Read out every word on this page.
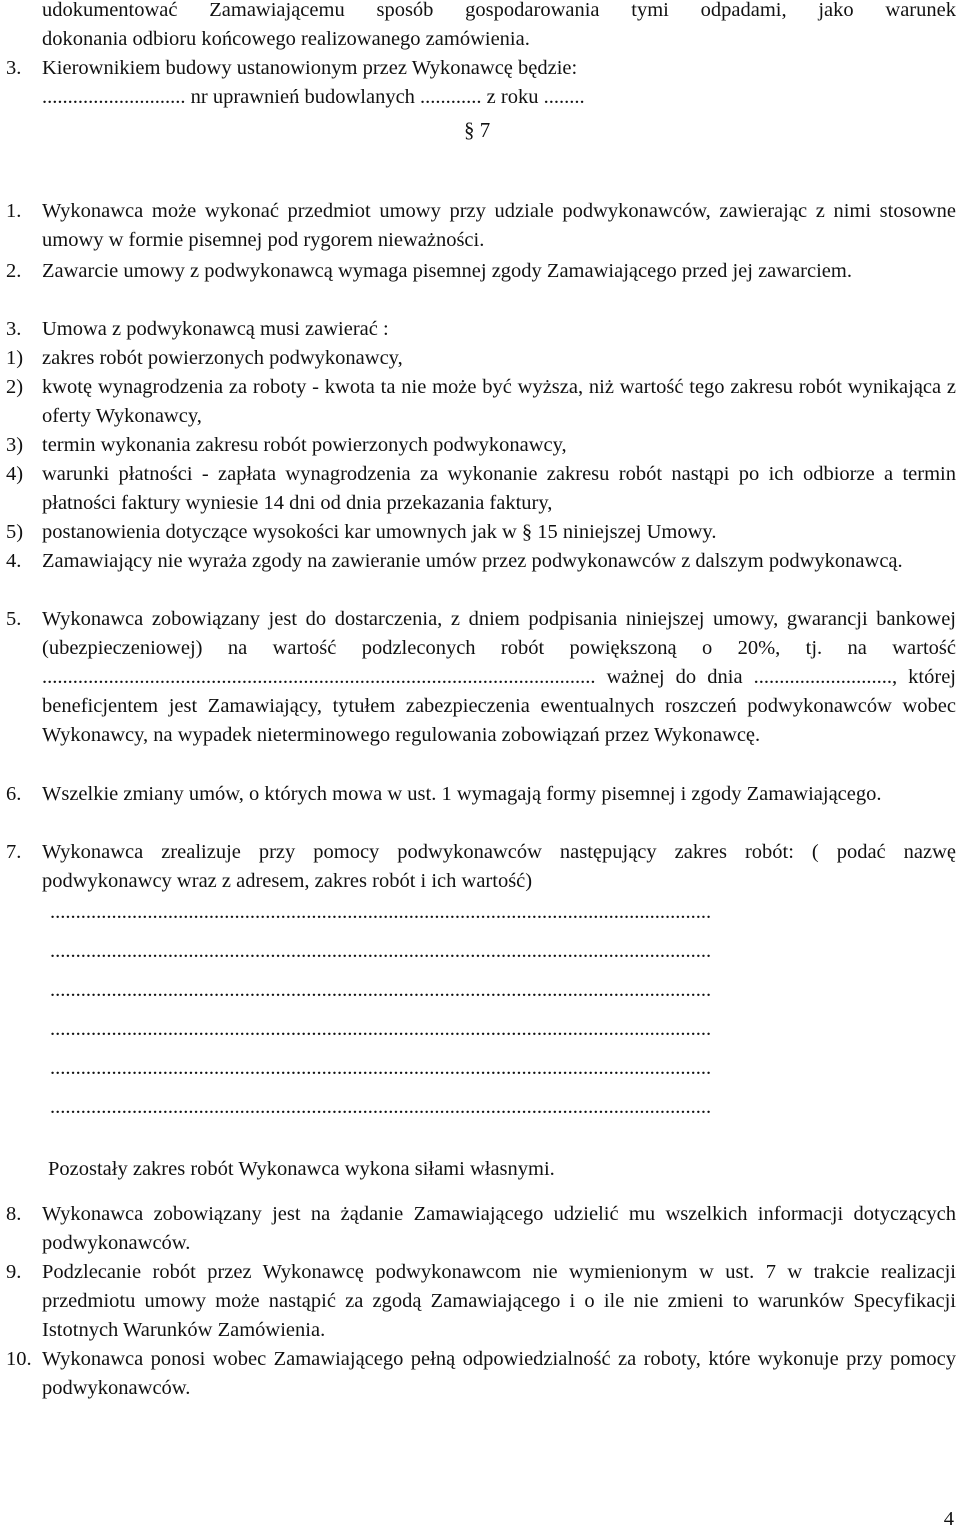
udokumentować Zamawiającemu sposób gospodarowania tymi odpadami, jako warunek
dokonania odbioru końcowego realizowanego zamówienia.
3.	Kierownikiem budowy ustanowionym przez Wykonawcę będzie:
............................ nr uprawnień budowlanych ............ z roku ........
§ 7
1.	Wykonawca może wykonać przedmiot umowy przy udziale podwykonawców, zawierając z nimi stosowne umowy w formie pisemnej pod rygorem nieważności.
2.	Zawarcie umowy z podwykonawcą wymaga pisemnej zgody Zamawiającego przed jej zawarciem.
3.	Umowa z podwykonawcą musi zawierać :
1) zakres robót powierzonych podwykonawcy,
2) kwotę wynagrodzenia za roboty - kwota ta nie może być wyższa, niż wartość tego zakresu robót wynikająca z oferty Wykonawcy,
3) termin wykonania zakresu robót powierzonych podwykonawcy,
4) warunki płatności - zapłata wynagrodzenia za wykonanie zakresu robót nastąpi po ich odbiorze a termin płatności faktury wyniesie 14 dni od dnia przekazania faktury,
5) postanowienia dotyczące wysokości kar umownych jak w § 15 niniejszej Umowy.
4.	Zamawiający nie wyraża zgody na zawieranie umów przez podwykonawców z dalszym podwykonawcą.
5.	Wykonawca zobowiązany jest do dostarczenia, z dniem podpisania niniejszej umowy, gwarancji bankowej (ubezpieczeniowej) na wartość podzleconych robót powiększoną o 20%, tj. na wartość ............................................................................................................ ważnej do dnia ..........................., której beneficjentem jest Zamawiający, tytułem zabezpieczenia ewentualnych roszczeń podwykonawców wobec Wykonawcy, na wypadek nieterminowego regulowania zobowiązań przez Wykonawcę.
6.	Wszelkie zmiany umów, o których mowa w ust. 1 wymagają formy pisemnej i zgody Zamawiającego.
7.	Wykonawca zrealizuje przy pomocy podwykonawców następujący zakres robót: ( podać nazwę podwykonawcy wraz z adresem, zakres robót i ich wartość)
.................................................................................................................................
.................................................................................................................................
.................................................................................................................................
.................................................................................................................................
.................................................................................................................................
.................................................................................................................................
Pozostały zakres robót Wykonawca wykona siłami własnymi.
8.	Wykonawca zobowiązany jest na żądanie Zamawiającego udzielić mu wszelkich informacji dotyczących podwykonawców.
9.	Podzlecanie robót przez Wykonawcę podwykonawcom nie wymienionym w ust. 7 w trakcie realizacji przedmiotu umowy może nastąpić za zgodą Zamawiającego i o ile nie zmieni to warunków Specyfikacji Istotnych Warunków Zamówienia.
10. Wykonawca ponosi wobec Zamawiającego pełną odpowiedzialność za roboty, które wykonuje przy pomocy podwykonawców.
4
